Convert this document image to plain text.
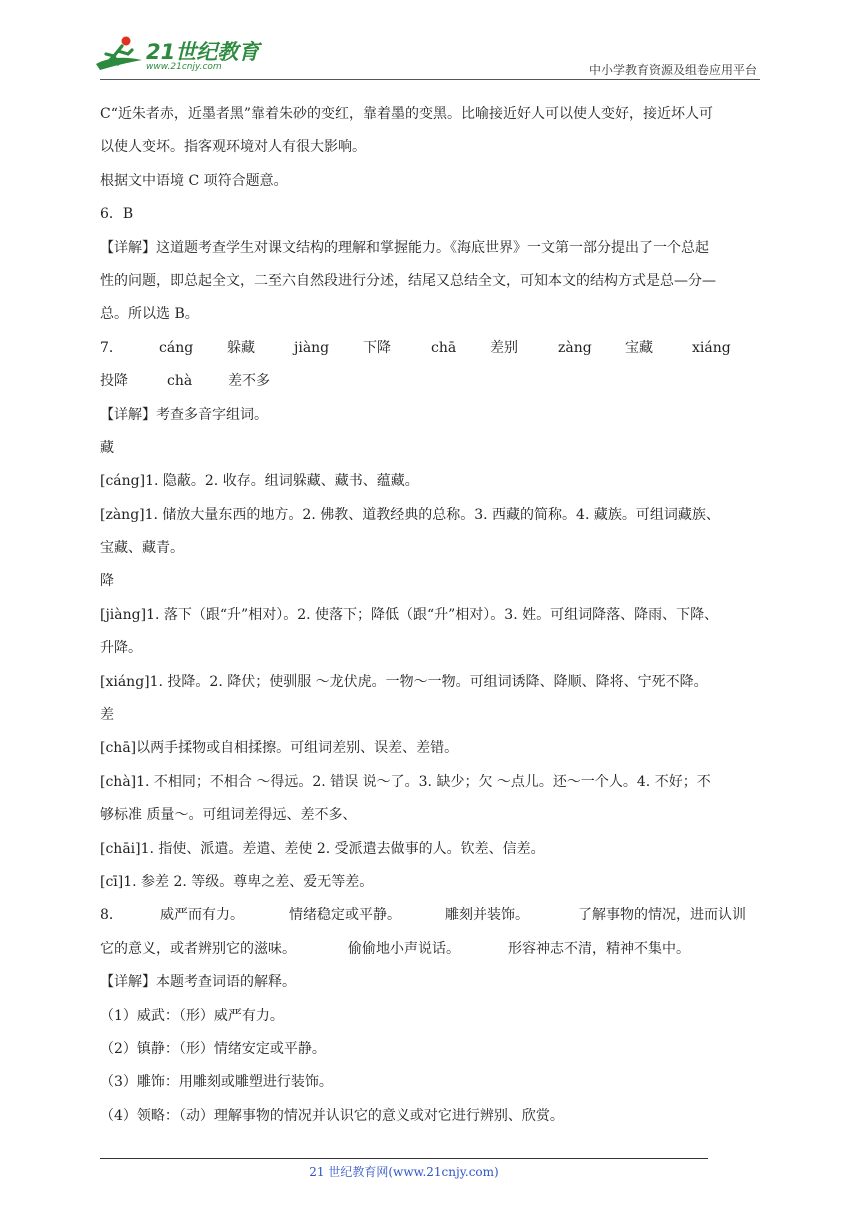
21世纪教育
www.21cnjy.com	中小学教育资源及组卷应用平台
C“近朱者赤，近墨者黑”靠着朱砂的变红，靠着墨的变黑。比喻接近好人可以使人变好，接近坏人可
以使人变坏。指客观环境对人有很大影响。
根据文中语境 C 项符合题意。
6．B
【详解】这道题考查学生对课文结构的理解和掌握能力。《海底世界》一文第一部分提出了一个总起
性的问题，即总起全文，二至六自然段进行分述，结尾又总结全文，可知本文的结构方式是总—分—
总。所以选 B。
7．	cáng 躲藏	jiàng 下降	chā 差别	zàng 宝藏	xiáng
投降	chà	差不多
【详解】考查多音字组词。
藏
[cáng]1. 隐蔽。2. 收存。组词躲藏、藏书、蕴藏。
[zàng]1. 储放大量东西的地方。2. 佛教、道教经典的总称。3. 西藏的简称。4. 藏族。可组词藏族、
宝藏、藏青。
降
[jiàng]1. 落下（跟“升”相对）。2. 使落下；降低（跟“升”相对）。3. 姓。可组词降落、降雨、下降、
升降。
[xiáng]1. 投降。2. 降伏；使驯服 ～龙伏虎。一物～一物。可组词诱降、降顺、降将、宁死不降。
差
[chā]以两手揉物或自相揉擦。可组词差别、误差、差错。
[chà]1. 不相同；不相合 ～得远。2. 错误 说～了。3. 缺少；欠 ～点儿。还～一个人。4. 不好；不
够标准 质量～。可组词差得远、差不多、
[chāi]1. 指使、派遣。差遣、差使 2. 受派遣去做事的人。钦差、信差。
[cī]1. 参差 2. 等级。尊卑之差、爱无等差。
8．	威严而有力。	情绪稳定或平静。	雕刻并装饰。	了解事物的情况，进而认训
它的意义，或者辨别它的滋味。	偷偷地小声说话。	形容神志不清，精神不集中。
【详解】本题考查词语的解释。
（1）威武：（形）威严有力。
（2）镇静：（形）情绪安定或平静。
（3）雕饰：用雕刻或雕塑进行装饰。
（4）领略：（动）理解事物的情况并认识它的意义或对它进行辨别、欣赏。
21 世纪教育网(www.21cnjy.com)
